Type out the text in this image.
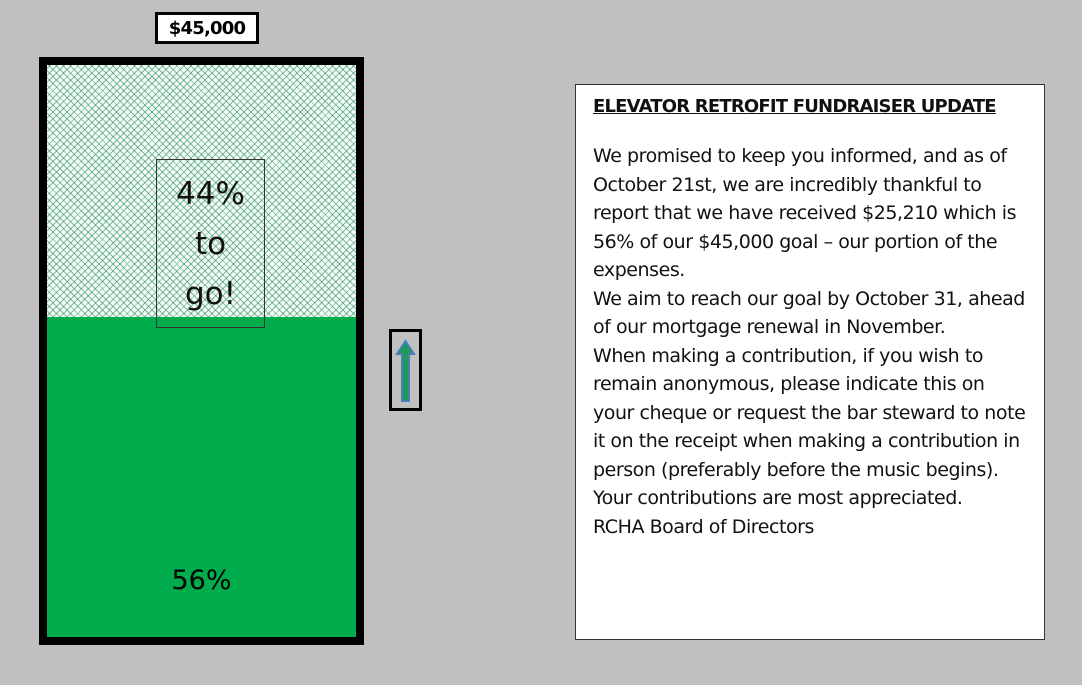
$45,000
44%
to
go!
56%
ELEVATOR RETROFIT FUNDRAISER UPDATE

We promised to keep you informed, and as of October 21st, we are incredibly thankful to report that we have received $25,210 which is 56% of our $45,000 goal – our portion of the expenses.

We aim to reach our goal by October 31, ahead of our mortgage renewal in November.

When making a contribution, if you wish to remain anonymous, please indicate this on your cheque or request the bar steward to note it on the receipt when making a contribution in person (preferably before the music begins).

Your contributions are most appreciated.

RCHA Board of Directors
